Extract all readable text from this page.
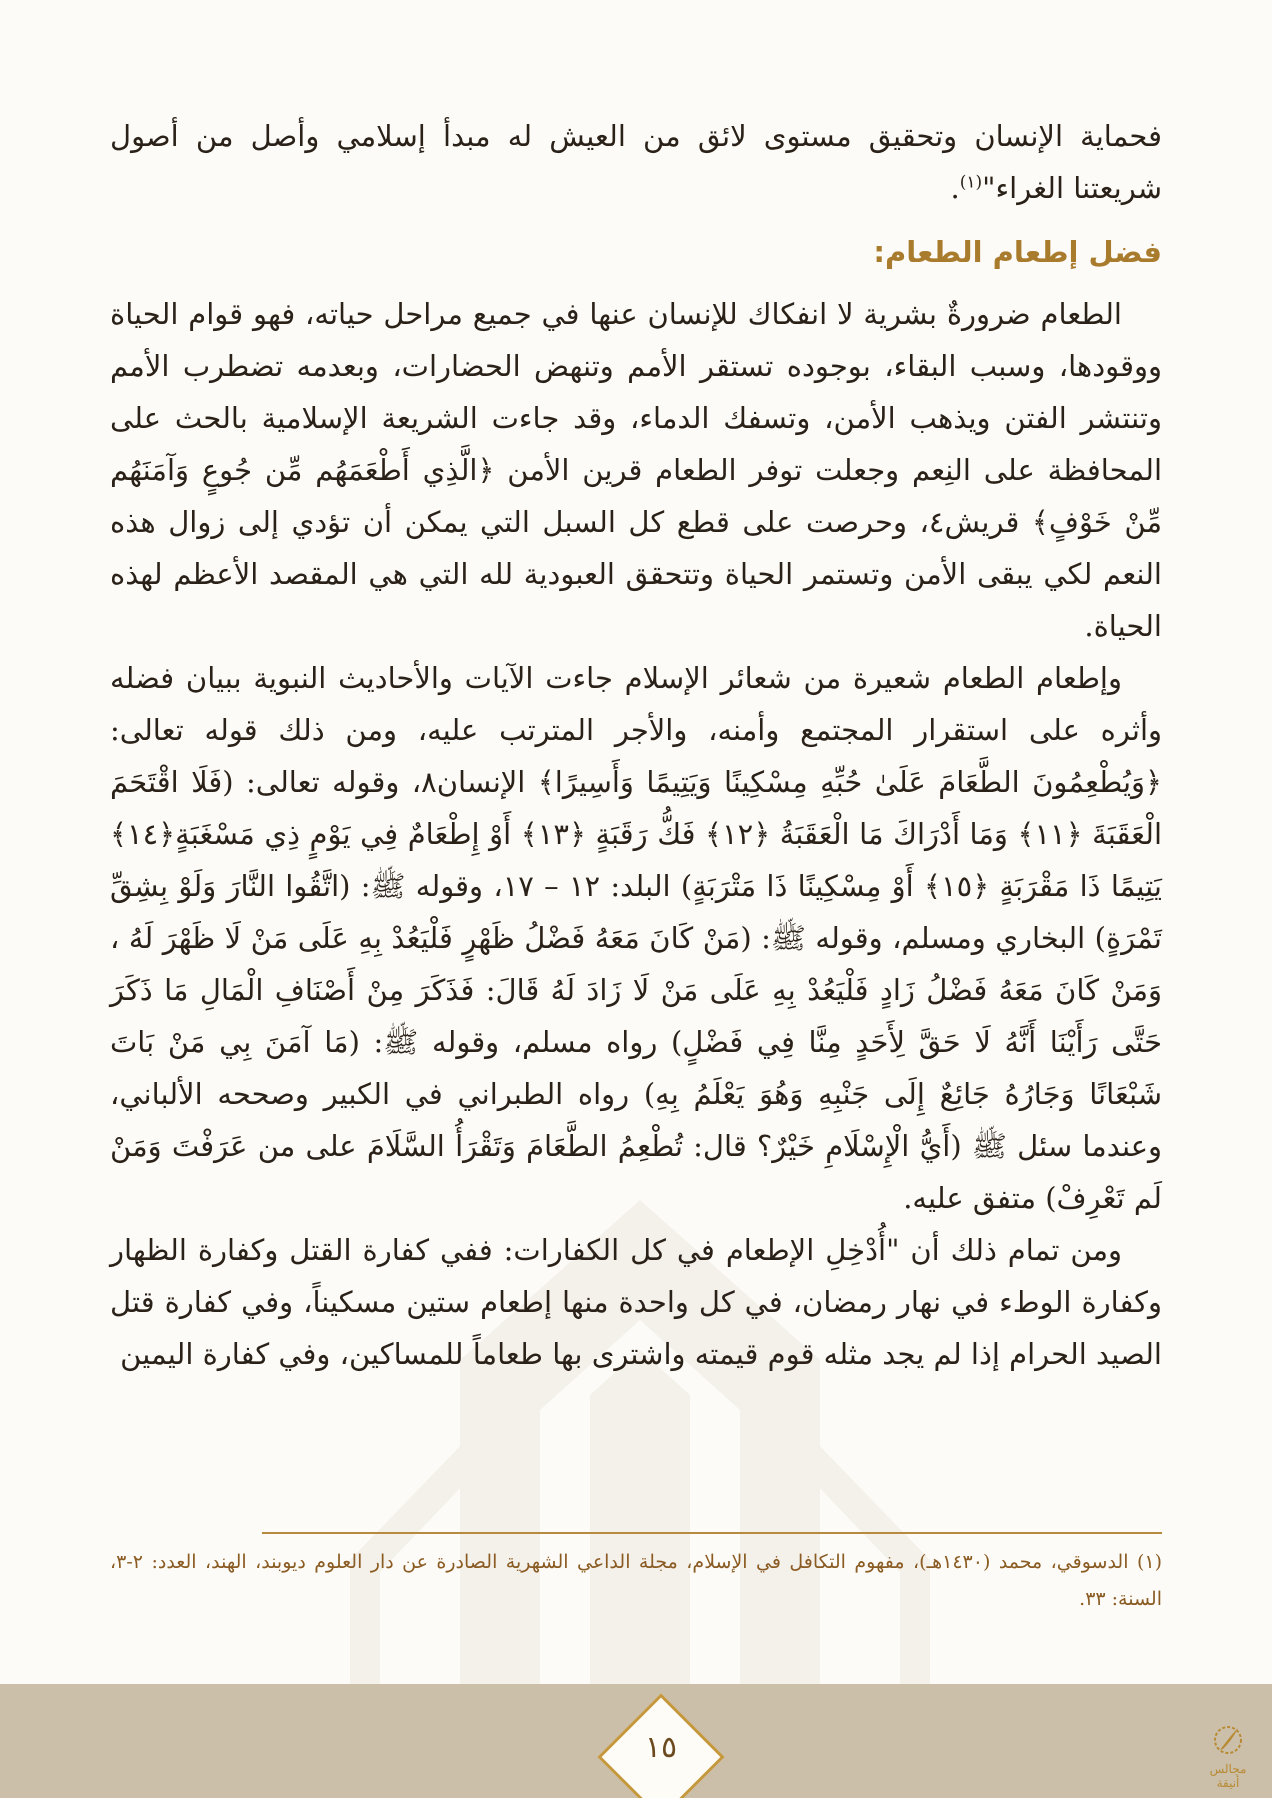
فحماية الإنسان وتحقيق مستوى لائق من العيش له مبدأ إسلامي وأصل من أصول شريعتنا الغراء"$^{(١)}$.

فضل إطعام الطعام:

الطعام ضرورةٌ بشرية لا انفكاك للإنسان عنها في جميع مراحل حياته، فهو قوام الحياة ووقودها، وسبب البقاء، بوجوده تستقر الأمم وتنهض الحضارات، وبعدمه تضطرب الأمم وتنتشر الفتن ويذهب الأمن، وتسفك الدماء، وقد جاءت الشريعة الإسلامية بالحث على المحافظة على النِعم وجعلت توفر الطعام قرين الأمن ﴿الَّذِي أَطْعَمَهُم مِّن جُوعٍ وَآمَنَهُم مِّنْ خَوْفٍ﴾ قريش٤، وحرصت على قطع كل السبل التي يمكن أن تؤدي إلى زوال هذه النعم لكي يبقى الأمن وتستمر الحياة وتتحقق العبودية لله التي هي المقصد الأعظم لهذه الحياة.

وإطعام الطعام شعيرة من شعائر الإسلام جاءت الآيات والأحاديث النبوية ببيان فضله وأثره على استقرار المجتمع وأمنه، والأجر المترتب عليه، ومن ذلك قوله تعالى: ﴿وَيُطْعِمُونَ الطَّعَامَ عَلَىٰ حُبِّهِ مِسْكِينًا وَيَتِيمًا وَأَسِيرًا﴾ الإنسان٨، وقوله تعالى: (فَلَا اقْتَحَمَ الْعَقَبَةَ ﴿١١﴾ وَمَا أَدْرَاكَ مَا الْعَقَبَةُ ﴿١٢﴾ فَكُّ رَقَبَةٍ ﴿١٣﴾ أَوْ إِطْعَامٌ فِي يَوْمٍ ذِي مَسْغَبَةٍ﴿١٤﴾ يَتِيمًا ذَا مَقْرَبَةٍ ﴿١٥﴾ أَوْ مِسْكِينًا ذَا مَتْرَبَةٍ) البلد: ١٢ – ١٧، وقوله ﷺ: (اتَّقُوا النَّارَ وَلَوْ بِشِقِّ تَمْرَةٍ) البخاري ومسلم، وقوله ﷺ: (مَنْ كَانَ مَعَهُ فَضْلُ ظَهْرٍ فَلْيَعُدْ بِهِ عَلَى مَنْ لَا ظَهْرَ لَهُ ، وَمَنْ كَانَ مَعَهُ فَضْلُ زَادٍ فَلْيَعُدْ بِهِ عَلَى مَنْ لَا زَادَ لَهُ قَالَ: فَذَكَرَ مِنْ أَصْنَافِ الْمَالِ مَا ذَكَرَ حَتَّى رَأَيْنَا أَنَّهُ لَا حَقَّ لِأَحَدٍ مِنَّا فِي فَضْلٍ) رواه مسلم، وقوله ﷺ: (مَا آمَنَ بِي مَنْ بَاتَ شَبْعَانًا وَجَارُهُ جَائِعٌ إِلَى جَنْبِهِ وَهُوَ يَعْلَمُ بِهِ) رواه الطبراني في الكبير وصححه الألباني، وعندما سئل ﷺ (أَيُّ الْإِسْلَامِ خَيْرٌ؟ قال: تُطْعِمُ الطَّعَامَ وَتَقْرَأُ السَّلَامَ على من عَرَفْتَ وَمَنْ لَم تَعْرِفْ) متفق عليه.

ومن تمام ذلك أن "أُدْخِلِ الإطعام في كل الكفارات: ففي كفارة القتل وكفارة الظهار وكفارة الوطء في نهار رمضان، في كل واحدة منها إطعام ستين مسكيناً، وفي كفارة قتل الصيد الحرام إذا لم يجد مثله قوم قيمته واشترى بها طعاماً للمساكين، وفي كفارة اليمين

(١) الدسوقي، محمد (١٤٣٠هـ)، مفهوم التكافل في الإسلام، مجلة الداعي الشهرية الصادرة عن دار العلوم ديوبند، الهند، العدد: ٢-٣، السنة: ٣٣.

١٥
مجالس أنيقة
